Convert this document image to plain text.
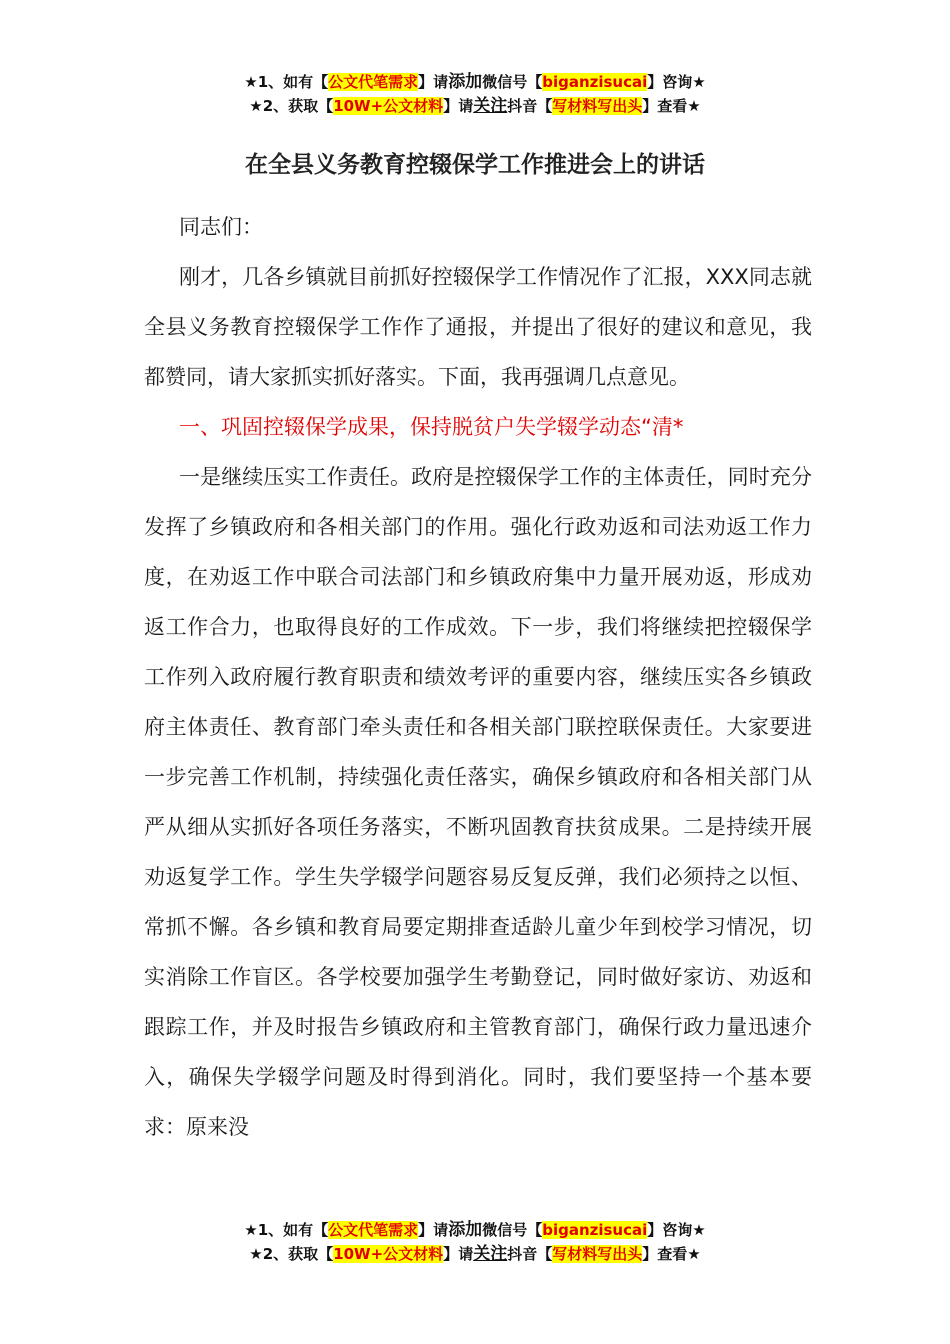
★1、如有【公文代笔需求】请添加微信号【biganzisucai】咨询★
★2、获取【10W+公文材料】请关注抖音【写材料写出头】查看★
在全县义务教育控辍保学工作推进会上的讲话

同志们：

刚才，几各乡镇就目前抓好控辍保学工作情况作了汇报，XXX同志就全县义务教育控辍保学工作作了通报，并提出了很好的建议和意见，我都赞同，请大家抓实抓好落实。下面，我再强调几点意见。

一、巩固控辍保学成果，保持脱贫户失学辍学动态“清*

一是继续压实工作责任。政府是控辍保学工作的主体责任，同时充分发挥了乡镇政府和各相关部门的作用。强化行政劝返和司法劝返工作力度，在劝返工作中联合司法部门和乡镇政府集中力量开展劝返，形成劝返工作合力，也取得良好的工作成效。下一步，我们将继续把控辍保学工作列入政府履行教育职责和绩效考评的重要内容，继续压实各乡镇政府主体责任、教育部门牵头责任和各相关部门联控联保责任。大家要进一步完善工作机制，持续强化责任落实，确保乡镇政府和各相关部门从严从细从实抓好各项任务落实，不断巩固教育扶贫成果。二是持续开展劝返复学工作。学生失学辍学问题容易反复反弹，我们必须持之以恒、常抓不懈。各乡镇和教育局要定期排查适龄儿童少年到校学习情况，切实消除工作盲区。各学校要加强学生考勤登记，同时做好家访、劝返和跟踪工作，并及时报告乡镇政府和主管教育部门，确保行政力量迅速介入，确保失学辍学问题及时得到消化。同时，我们要坚持一个基本要求：原来没

★1、如有【公文代笔需求】请添加微信号【biganzisucai】咨询★
★2、获取【10W+公文材料】请关注抖音【写材料写出头】查看★
